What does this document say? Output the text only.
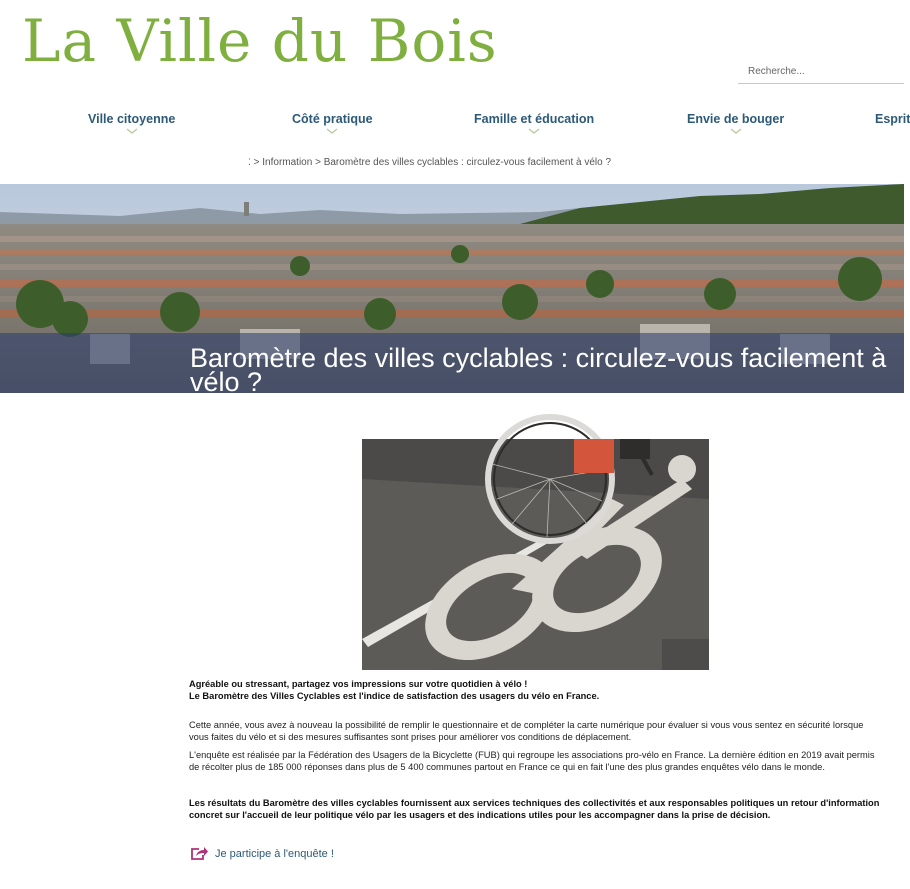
La Ville du Bois
Recherche...
Ville citoyenne	Côté pratique	Famille et éducation	Envie de bouger	Esprit
⁚ > Information > Baromètre des villes cyclables : circulez-vous facilement à vélo ?
Baromètre des villes cyclables : circulez-vous facilement à vélo ?

Agréable ou stressant, partagez vos impressions sur votre quotidien à vélo !

Le Baromètre des Villes Cyclables est l'indice de satisfaction des usagers du vélo en France.

Cette année, vous avez à nouveau la possibilité de remplir le questionnaire et de compléter la carte numérique pour évaluer si vous vous sentez en sécurité lorsque vous faites du vélo et si des mesures suffisantes sont prises pour améliorer vos conditions de déplacement.

L'enquête est réalisée par la Fédération des Usagers de la Bicyclette (FUB) qui regroupe les associations pro-vélo en France. La dernière édition en 2019 avait permis de récolter plus de 185 000 réponses dans plus de 5 400 communes partout en France ce qui en fait l'une des plus grandes enquêtes vélo dans le monde.

Les résultats du Baromètre des villes cyclables fournissent aux services techniques des collectivités et aux responsables politiques un retour d'information concret sur l'accueil de leur politique vélo par les usagers et des indications utiles pour les accompagner dans la prise de décision.

Je participe à l'enquête !
